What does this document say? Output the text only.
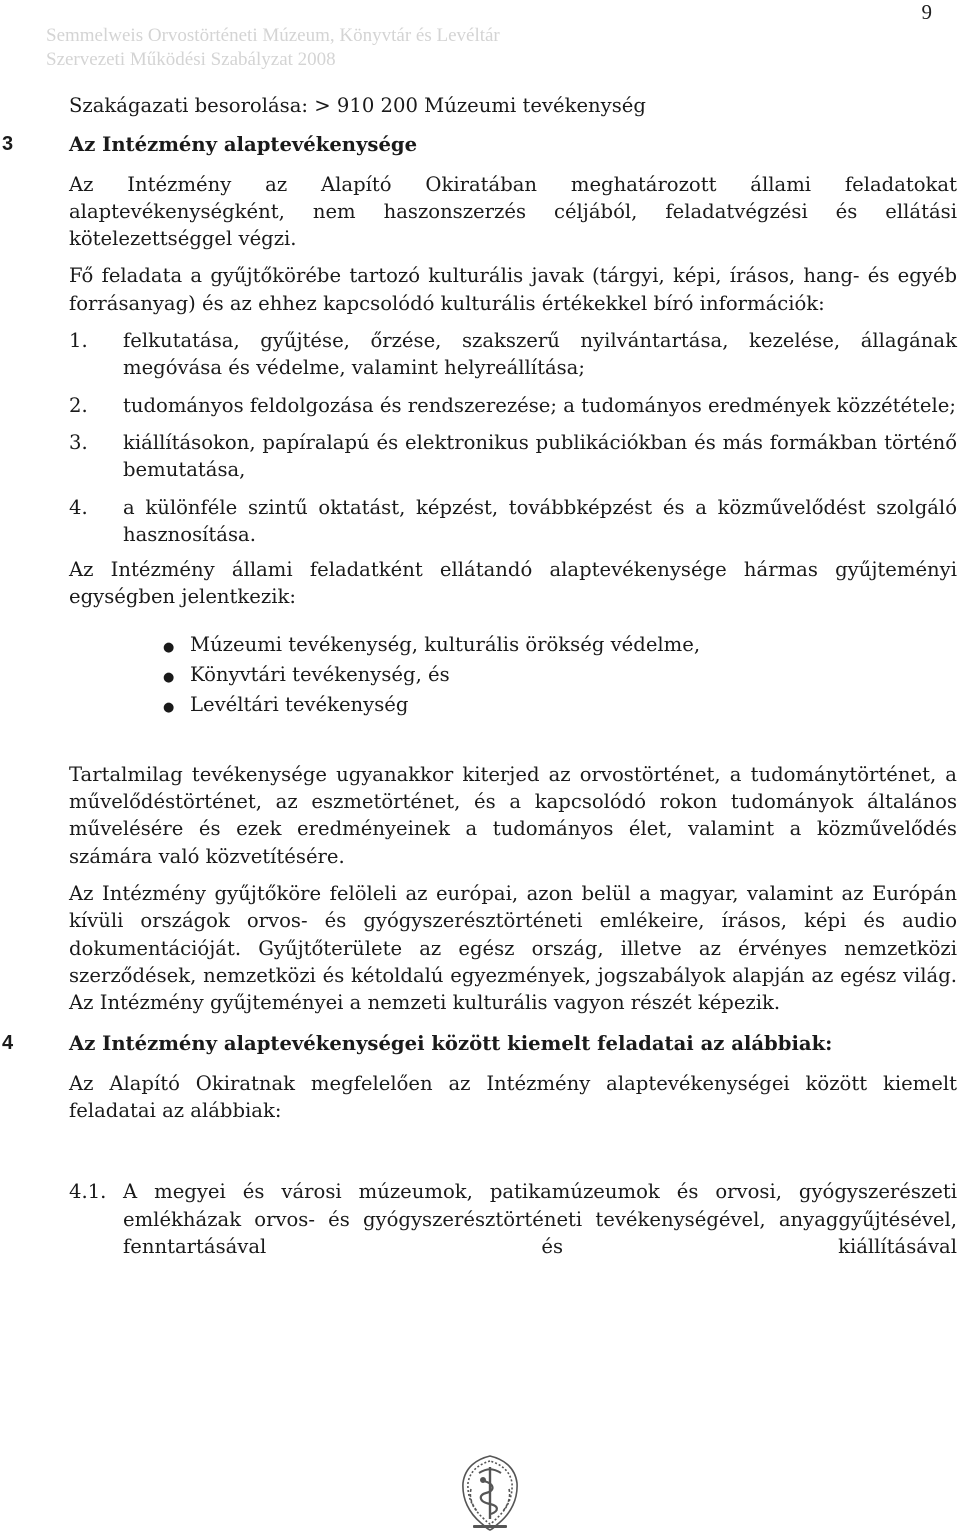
9
Semmelweis Orvostörténeti Múzeum, Könyvtár és Levéltár
Szervezeti Működési Szabályzat 2008

Szakágazati besorolása: > 910 200 Múzeumi tevékenység

3	Az Intézmény alaptevékenysége

Az Intézmény az Alapító Okiratában meghatározott állami feladatokat alaptevékenységként, nem haszonszerzés céljából, feladatvégzési és ellátási kötelezettséggel végzi.

Fő feladata a gyűjtőkörébe tartozó kulturális javak (tárgyi, képi, írásos, hang- és egyéb forrásanyag) és az ehhez kapcsolódó kulturális értékekkel bíró információk:

1.	felkutatása, gyűjtése, őrzése, szakszerű nyilvántartása, kezelése, állagának megóvása és védelme, valamint helyreállítása;
2.	tudományos feldolgozása és rendszerezése; a tudományos eredmények közzététele;
3.	kiállításokon, papíralapú és elektronikus publikációkban és más formákban történő bemutatása,
4.	a különféle szintű oktatást, képzést, továbbképzést és a közművelődést szolgáló hasznosítása.

Az Intézmény állami feladatként ellátandó alaptevékenysége hármas gyűjteményi egységben jelentkezik:

● Múzeumi tevékenység, kulturális örökség védelme,
● Könyvtári tevékenység, és
● Levéltári tevékenység

Tartalmilag tevékenysége ugyanakkor kiterjed az orvostörténet, a tudománytörténet, a művelődéstörténet, az eszmetörténet, és a kapcsolódó rokon tudományok általános művelésére és ezek eredményeinek a tudományos élet, valamint a közművelődés számára való közvetítésére.

Az Intézmény gyűjtőköre felöleli az európai, azon belül a magyar, valamint az Európán kívüli országok orvos- és gyógyszerésztörténeti emlékeire, írásos, képi és audio dokumentációját. Gyűjtőterülete az egész ország, illetve az érvényes nemzetközi szerződések, nemzetközi és kétoldalú egyezmények, jogszabályok alapján az egész világ. Az Intézmény gyűjteményei a nemzeti kulturális vagyon részét képezik.

4	Az Intézmény alaptevékenységei között kiemelt feladatai az alábbiak:

Az Alapító Okiratnak megfelelően az Intézmény alaptevékenységei között kiemelt feladatai az alábbiak:

4.1. A megyei és városi múzeumok, patikamúzeumok és orvosi, gyógyszerészeti emlékházak orvos- és gyógyszerésztörténeti tevékenységével, anyaggyűjtésével, fenntartásával és kiállításával
